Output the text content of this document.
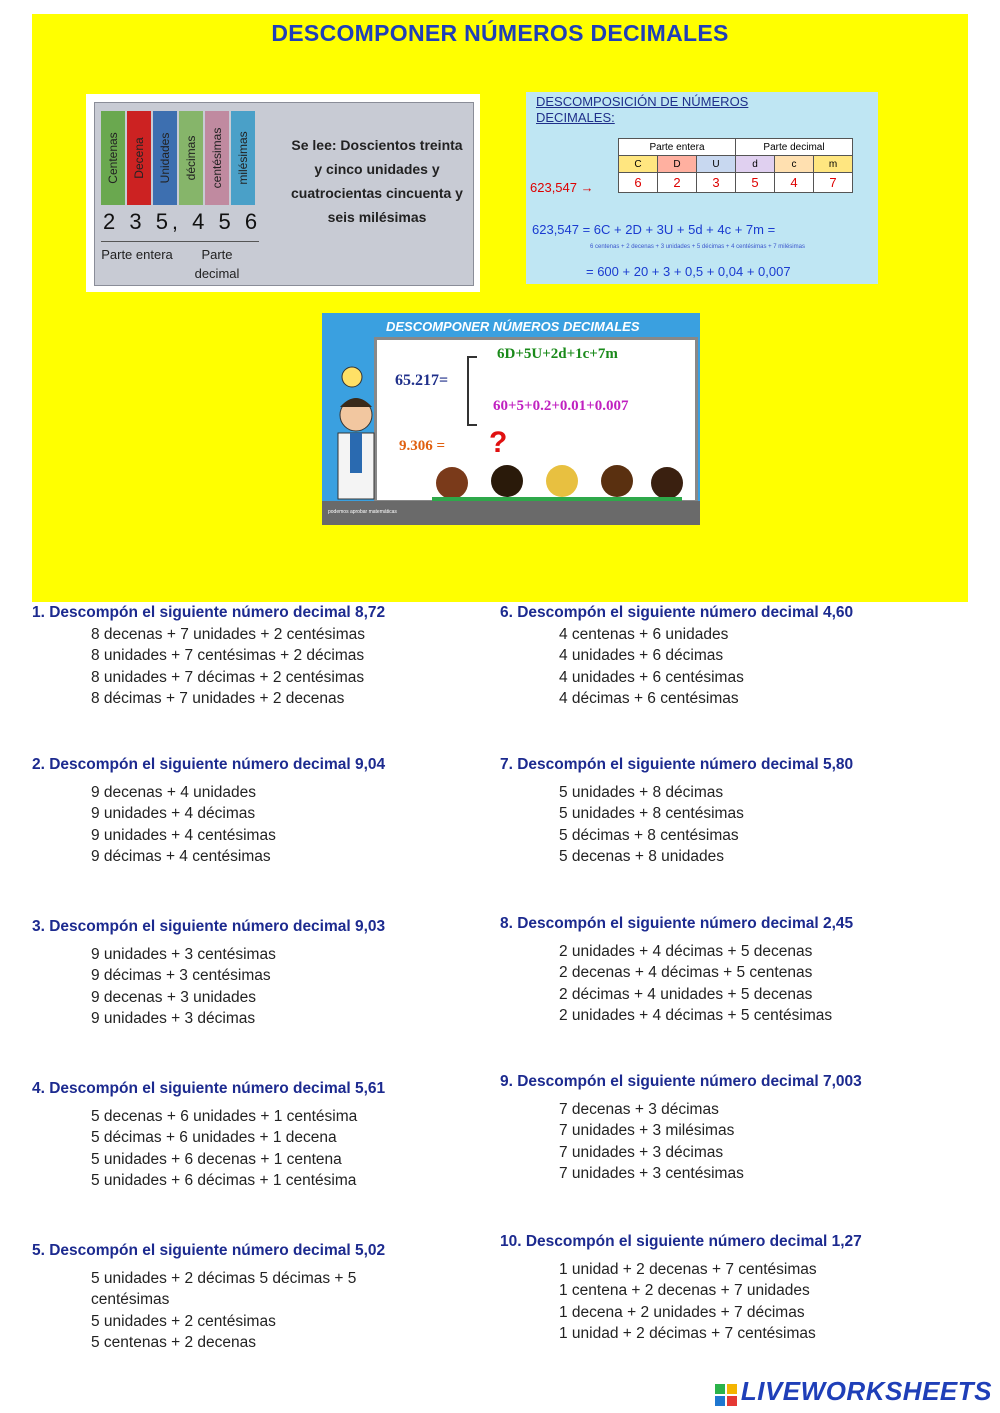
DESCOMPONER NÚMEROS DECIMALES
Centenas Decena Unidades décimas centésimas milésimas
2 3 5, 4 5 6
Parte entera	Parte decimal
Se lee: Doscientos treinta y cinco unidades y cuatrocientas cincuenta y seis milésimas
DESCOMPOSICIÓN DE NÚMEROS DECIMALES:
Parte entera			Parte decimal		
C	D	U	d	c	m
6	2	3	5	4	7
623,547 →
623,547 = 6C + 2D + 3U + 5d + 4c + 7m =
6 centenas + 2 decenas + 3 unidades + 5 décimas + 4 centésimas + 7 milésimas
= 600 + 20 + 3 + 0,5 + 0,04 + 0,007
DESCOMPONER NÚMEROS DECIMALES
6D+5U+2d+1c+7m
65.217=
60+5+0.2+0.01+0.007
9.306 = ?
podemos aprobar matemáticas
1. Descompón el siguiente número decimal 8,72
8 decenas + 7 unidades + 2 centésimas
8 unidades + 7 centésimas + 2 décimas
8 unidades + 7 décimas + 2 centésimas
8 décimas + 7 unidades + 2 decenas
2. Descompón el siguiente número decimal 9,04
9 decenas + 4 unidades
9 unidades + 4 décimas
9 unidades + 4 centésimas
9 décimas + 4 centésimas
3. Descompón el siguiente número decimal 9,03
9 unidades + 3 centésimas
9 décimas + 3 centésimas
9 decenas + 3 unidades
9 unidades + 3 décimas
4. Descompón el siguiente número decimal 5,61
5 decenas + 6 unidades + 1 centésima
5 décimas + 6 unidades + 1 decena
5 unidades + 6 decenas + 1 centena
5 unidades + 6 décimas + 1 centésima
5. Descompón el siguiente número decimal 5,02
5 unidades + 2 décimas 5 décimas + 5 centésimas
5 unidades + 2 centésimas
5 centenas + 2 decenas
6. Descompón el siguiente número decimal 4,60
4 centenas + 6 unidades
4 unidades + 6 décimas
4 unidades + 6 centésimas
4 décimas + 6 centésimas
7. Descompón el siguiente número decimal 5,80
5 unidades + 8 décimas
5 unidades + 8 centésimas
5 décimas + 8 centésimas
5 decenas + 8 unidades
8. Descompón el siguiente número decimal 2,45
2 unidades + 4 décimas + 5 decenas
2 decenas + 4 décimas + 5 centenas
2 décimas + 4 unidades + 5 decenas
2 unidades + 4 décimas + 5 centésimas
9. Descompón el siguiente número decimal 7,003
7 decenas + 3 décimas
7 unidades + 3 milésimas
7 unidades + 3 décimas
7 unidades + 3 centésimas
10. Descompón el siguiente número decimal 1,27
1 unidad + 2 decenas + 7 centésimas
1 centena + 2 decenas + 7 unidades
1 decena + 2 unidades + 7 décimas
1 unidad + 2 décimas + 7 centésimas
LIVEWORKSHEETS
